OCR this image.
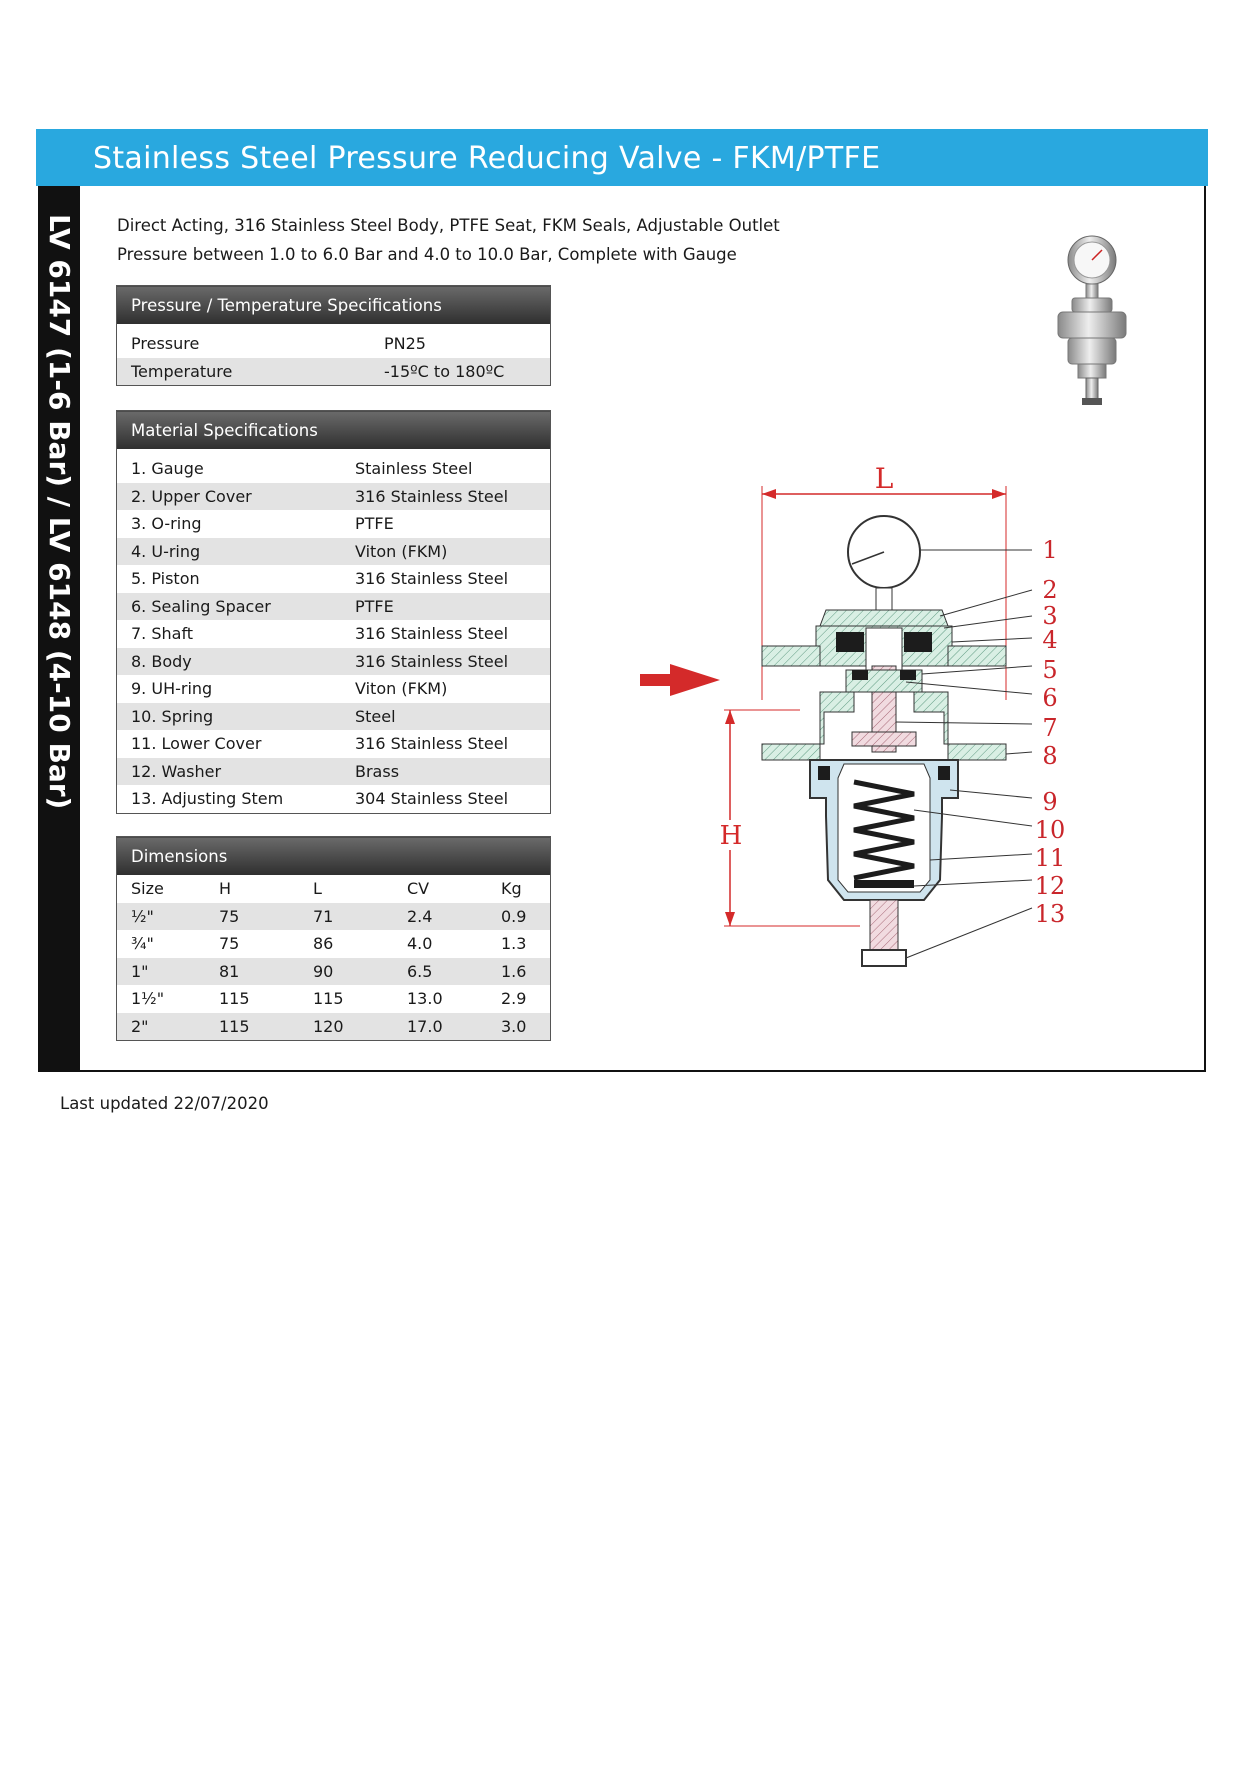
Stainless Steel Pressure Reducing Valve - FKM/PTFE
LV 6147 (1-6 Bar) / LV 6148 (4-10 Bar) Direct Acting, 316 Stainless Steel Body, PTFE Seat, FKM Seals, Adjustable Outlet
Pressure between 1.0 to 6.0 Bar and 4.0 to 10.0 Bar, Complete with Gauge
Pressure / Temperature Specifications	

Pressure	PN25
Temperature	-15ºC to 180ºC
Material Specifications	

1. Gauge	Stainless Steel
2. Upper Cover	316 Stainless Steel
3. O-ring	PTFE
4. U-ring	Viton (FKM)
5. Piston	316 Stainless Steel
6. Sealing Spacer	PTFE
7. Shaft	316 Stainless Steel
8. Body	316 Stainless Steel
9. UH-ring	Viton (FKM)
10. Spring	Steel
11. Lower Cover	316 Stainless Steel
12. Washer	Brass
13. Adjusting Stem	304 Stainless Steel
Dimensions				
Size	H	L	CV	Kg
½"	75	71	2.4	0.9
¾"	75	86	4.0	1.3
1"	81	90	6.5	1.6
1½"	115	115	13.0	2.9
2"	115	120	17.0	3.0
L
H
1
2
3
4
5
6
7
8
9
10
11
12
13
Last updated 22/07/2020
